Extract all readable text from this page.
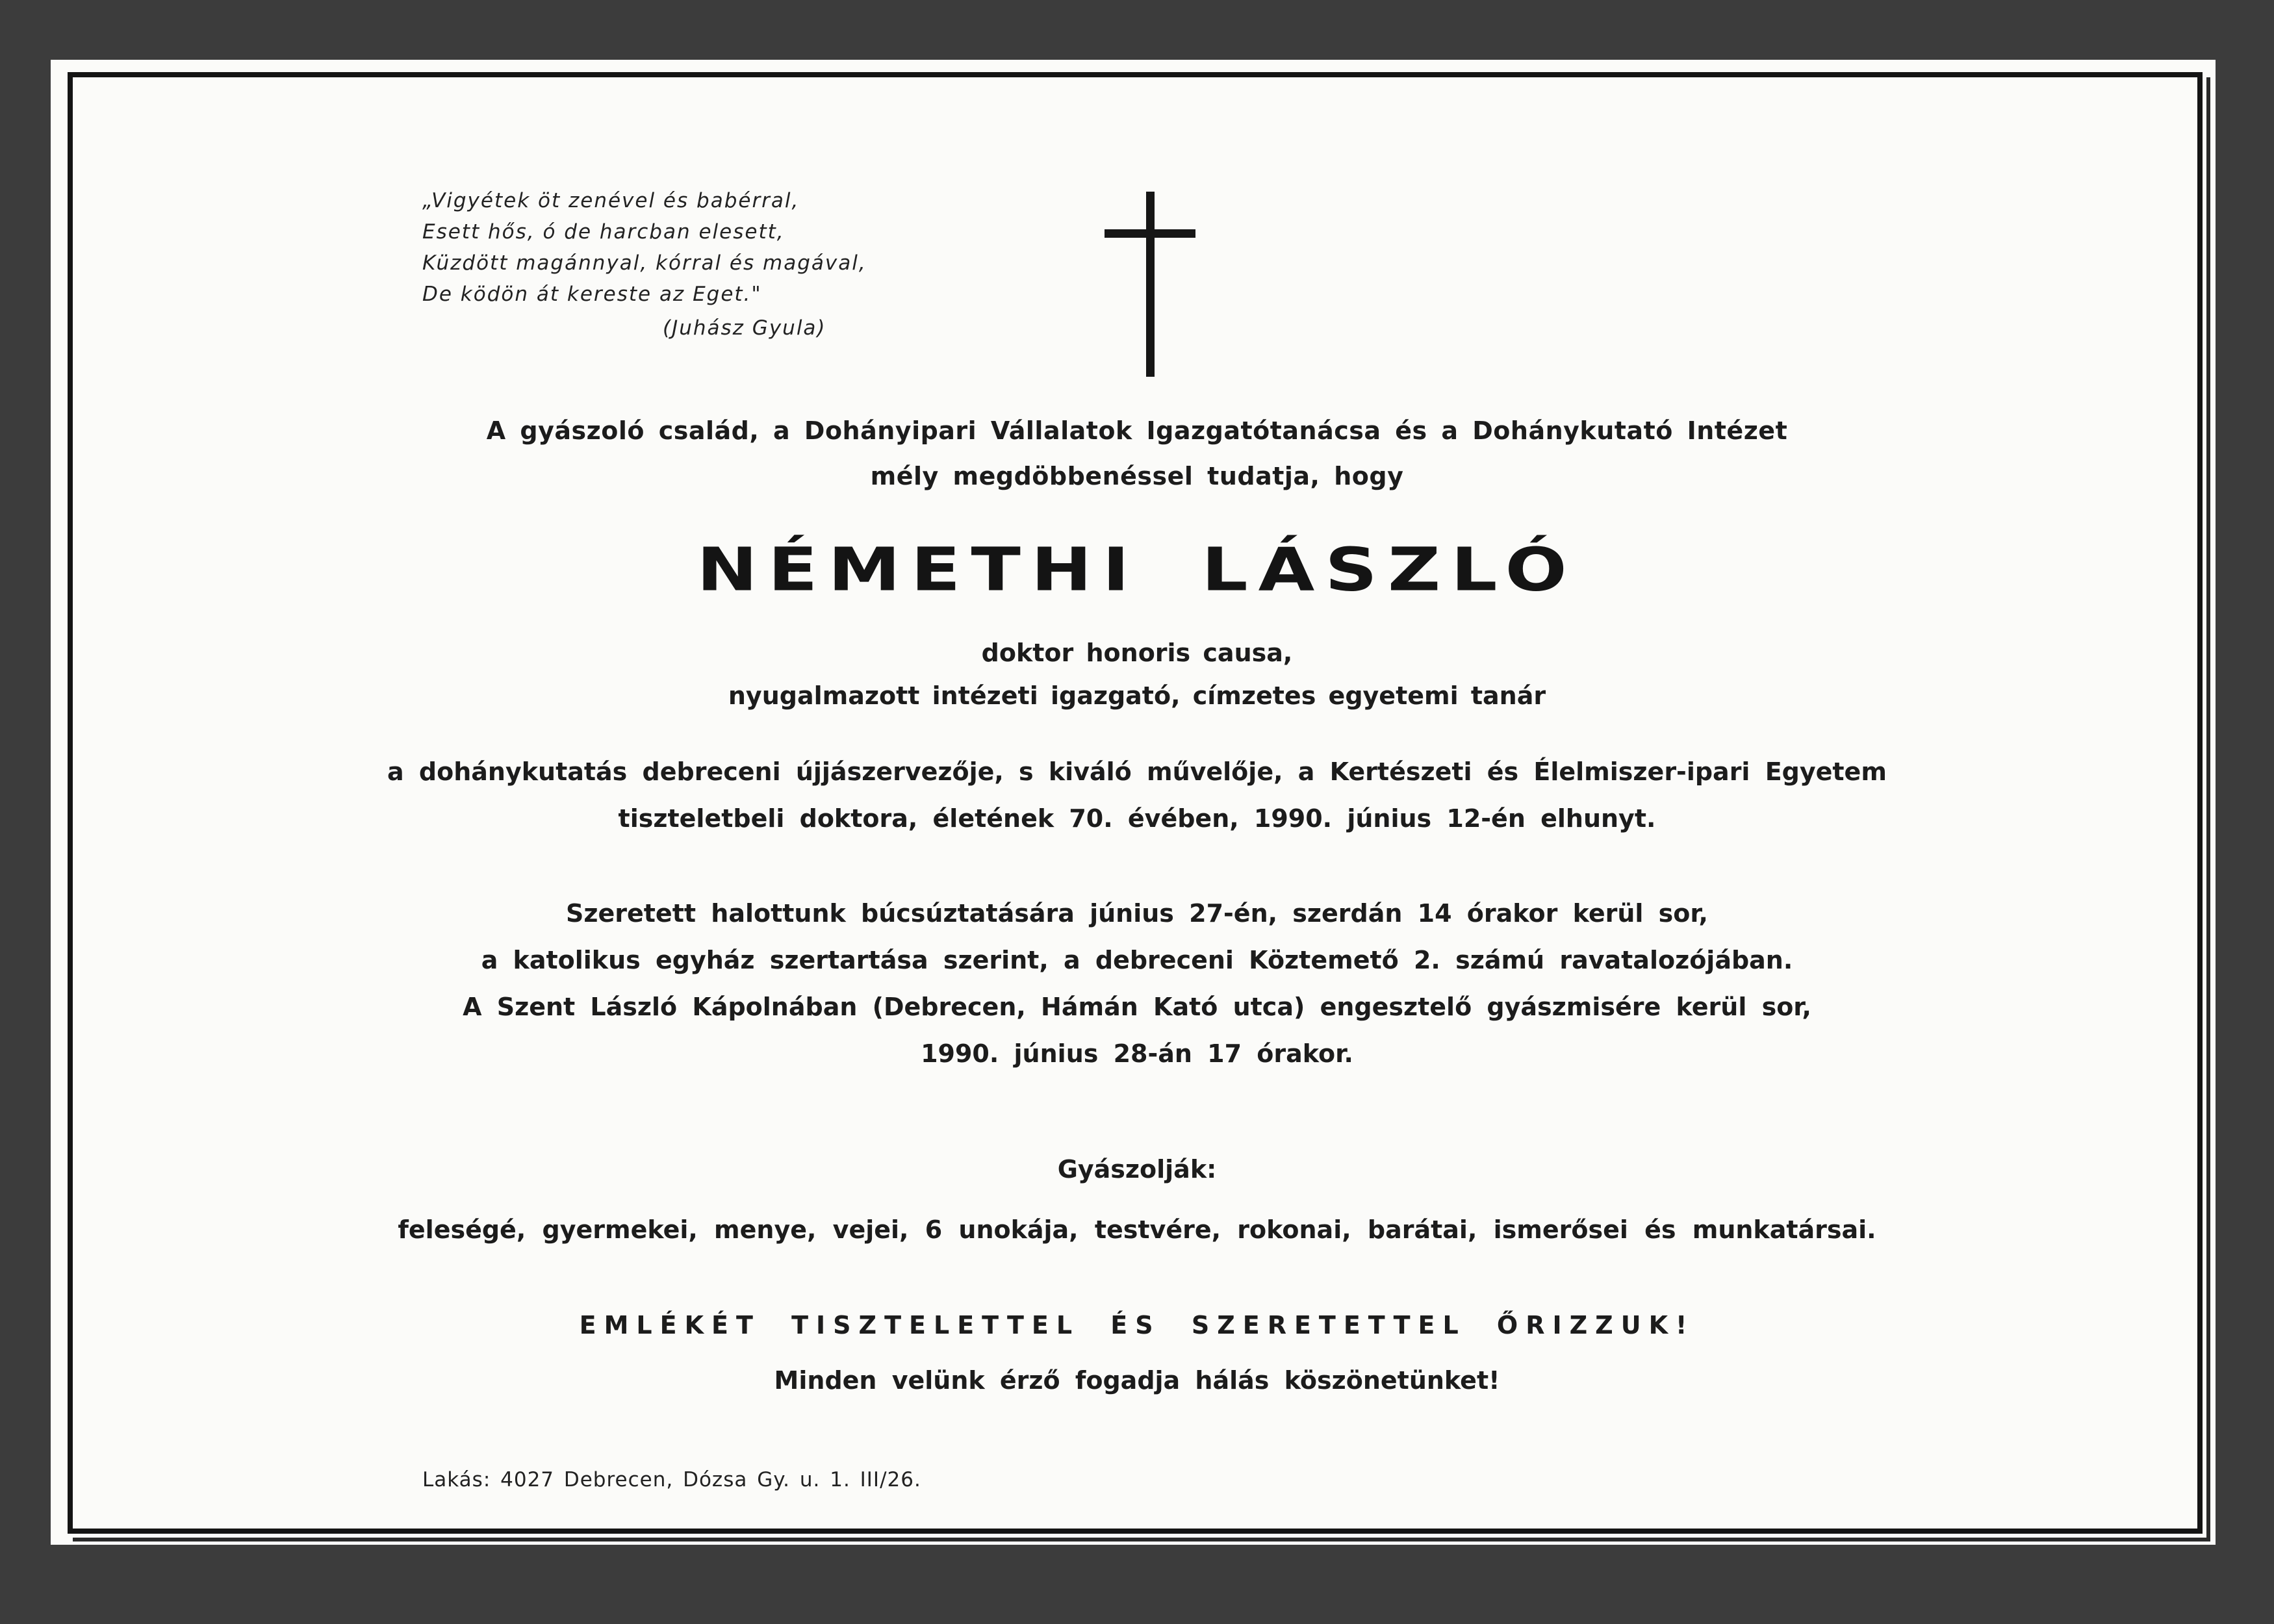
„Vigyétek öt zenével és babérral,
Esett hős, ó de harcban elesett,
Küzdött magánnyal, kórral és magával,
De ködön át kereste az Eget."
(Juhász Gyula)
A gyászoló család, a Dohányipari Vállalatok Igazgatótanácsa és a Dohánykutató Intézet
mély megdöbbenéssel tudatja, hogy
NÉMETHI LÁSZLÓ
doktor honoris causa,
nyugalmazott intézeti igazgató, címzetes egyetemi tanár
a dohánykutatás debreceni újjászervezője, s kiváló művelője, a Kertészeti és Élelmiszer-ipari Egyetem
tiszteletbeli doktora, életének 70. évében, 1990. június 12-én elhunyt.
Szeretett halottunk búcsúztatására június 27-én, szerdán 14 órakor kerül sor,
a katolikus egyház szertartása szerint, a debreceni Köztemető 2. számú ravatalozójában.
A Szent László Kápolnában (Debrecen, Hámán Kató utca) engesztelő gyászmisére kerül sor,
1990. június 28-án 17 órakor.
Gyászolják:
feleségé, gyermekei, menye, vejei, 6 unokája, testvére, rokonai, barátai, ismerősei és munkatársai.
EMLÉKÉT TISZTELETTEL ÉS SZERETETTEL ŐRIZZUK!
Minden velünk érző fogadja hálás köszönetünket!
Lakás: 4027 Debrecen, Dózsa Gy. u. 1. III/26.
